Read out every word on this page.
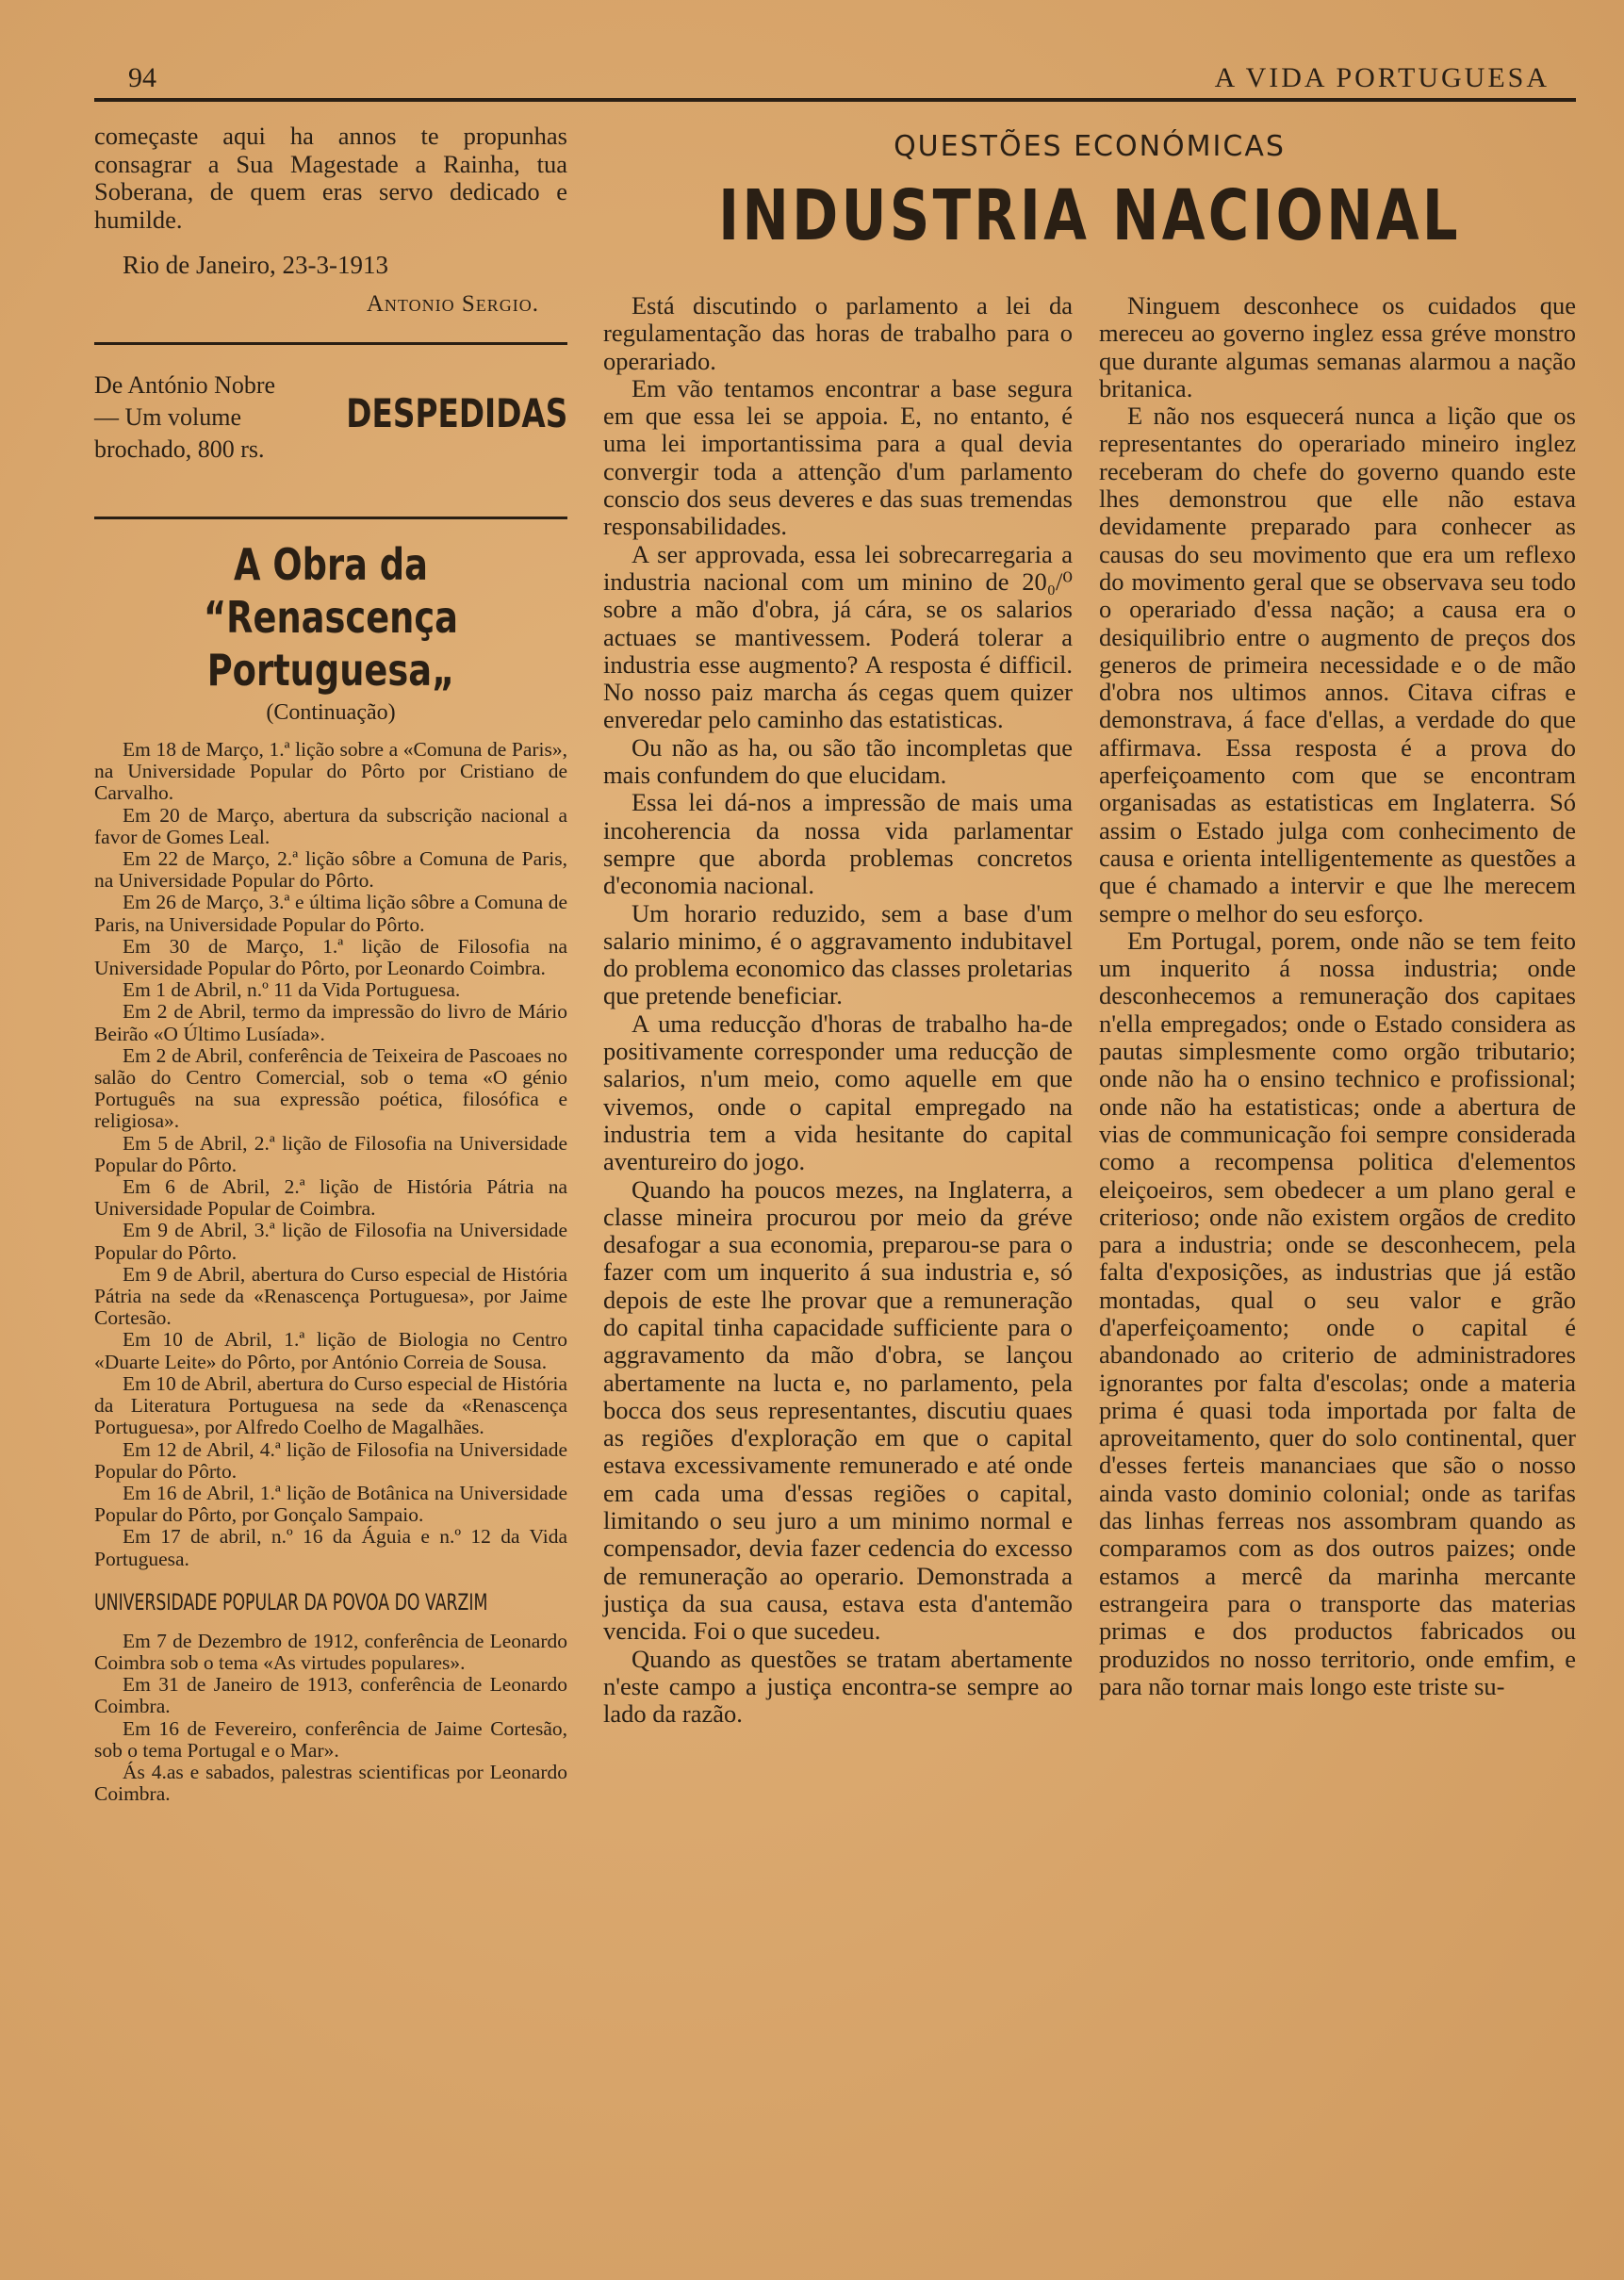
94	A VIDA PORTUGUESA

começaste aqui ha annos te propunhas consagrar a Sua Magestade a Rainha, tua Soberana, de quem eras servo dedicado e humilde.

Rio de Janeiro, 23-3-1913

Antonio Sergio.

De António Nobre — Um volume brochado, 800 rs.
DESPEDIDAS
A Obra da
“Renascença Portuguesa„
(Continuação)

Em 18 de Março, 1.ª lição sobre a «Comuna de Paris», na Universidade Popular do Pôrto por Cristiano de Carvalho.

Em 20 de Março, abertura da subscrição nacional a favor de Gomes Leal.

Em 22 de Março, 2.ª lição sôbre a Comuna de Paris, na Universidade Popular do Pôrto.

Em 26 de Março, 3.ª e última lição sôbre a Comuna de Paris, na Universidade Popular do Pôrto.

Em 30 de Março, 1.ª lição de Filosofia na Universidade Popular do Pôrto, por Leonardo Coimbra.

Em 1 de Abril, n.º 11 da Vida Portuguesa.

Em 2 de Abril, termo da impressão do livro de Mário Beirão «O Último Lusíada».

Em 2 de Abril, conferência de Teixeira de Pascoaes no salão do Centro Comercial, sob o tema «O génio Português na sua expressão poética, filosófica e religiosa».

Em 5 de Abril, 2.ª lição de Filosofia na Universidade Popular do Pôrto.

Em 6 de Abril, 2.ª lição de História Pátria na Universidade Popular de Coimbra.

Em 9 de Abril, 3.ª lição de Filosofia na Universidade Popular do Pôrto.

Em 9 de Abril, abertura do Curso especial de História Pátria na sede da «Renascença Portuguesa», por Jaime Cortesão.

Em 10 de Abril, 1.ª lição de Biologia no Centro «Duarte Leite» do Pôrto, por António Correia de Sousa.

Em 10 de Abril, abertura do Curso especial de História da Literatura Portuguesa na sede da «Renascença Portuguesa», por Alfredo Coelho de Magalhães.

Em 12 de Abril, 4.ª lição de Filosofia na Universidade Popular do Pôrto.

Em 16 de Abril, 1.ª lição de Botânica na Universidade Popular do Pôrto, por Gonçalo Sampaio.

Em 17 de abril, n.º 16 da Águia e n.º 12 da Vida Portuguesa.

UNIVERSIDADE POPULAR DA POVOA DO VARZIM

Em 7 de Dezembro de 1912, conferência de Leonardo Coimbra sob o tema «As virtudes populares».

Em 31 de Janeiro de 1913, conferência de Leonardo Coimbra.

Em 16 de Fevereiro, conferência de Jaime Cortesão, sob o tema Portugal e o Mar».

Ás 4.as e sabados, palestras scientificas por Leonardo Coimbra.

QUESTÕES ECONÓMICAS
INDUSTRIA NACIONAL

Está discutindo o parlamento a lei da regulamentação das horas de trabalho para o operariado.

Em vão tentamos encontrar a base segura em que essa lei se appoia. E, no entanto, é uma lei importantissima para a qual devia convergir toda a attenção d'um parlamento conscio dos seus deveres e das suas tremendas responsabilidades.

A ser approvada, essa lei sobrecarregaria a industria nacional com um minino de 20₀/⁰ sobre a mão d'obra, já cára, se os salarios actuaes se mantivessem. Poderá tolerar a industria esse augmento? A resposta é difficil. No nosso paiz marcha ás cegas quem quizer enveredar pelo caminho das estatisticas.

Ou não as ha, ou são tão incompletas que mais confundem do que elucidam.

Essa lei dá-nos a impressão de mais uma incoherencia da nossa vida parlamentar sempre que aborda problemas concretos d'economia nacional.

Um horario reduzido, sem a base d'um salario minimo, é o aggravamento indubitavel do problema economico das classes proletarias que pretende beneficiar.

A uma reducção d'horas de trabalho ha-de positivamente corresponder uma reducção de salarios, n'um meio, como aquelle em que vivemos, onde o capital empregado na industria tem a vida hesitante do capital aventureiro do jogo.

Quando ha poucos mezes, na Inglaterra, a classe mineira procurou por meio da gréve desafogar a sua economia, preparou-se para o fazer com um inquerito á sua industria e, só depois de este lhe provar que a remuneração do capital tinha capacidade sufficiente para o aggravamento da mão d'obra, se lançou abertamente na lucta e, no parlamento, pela bocca dos seus representantes, discutiu quaes as regiões d'exploração em que o capital estava excessivamente remunerado e até onde em cada uma d'essas regiões o capital, limitando o seu juro a um minimo normal e compensador, devia fazer cedencia do excesso de remuneração ao operario. Demonstrada a justiça da sua causa, estava esta d'antemão vencida. Foi o que sucedeu.

Quando as questões se tratam abertamente n'este campo a justiça encontra-se sempre ao lado da razão.

Ninguem desconhece os cuidados que mereceu ao governo inglez essa gréve monstro que durante algumas semanas alarmou a nação britanica.

E não nos esquecerá nunca a lição que os representantes do operariado mineiro inglez receberam do chefe do governo quando este lhes demonstrou que elle não estava devidamente preparado para conhecer as causas do seu movimento que era um reflexo do movimento geral que se observava seu todo o operariado d'essa nação; a causa era o desiquilibrio entre o augmento de preços dos generos de primeira necessidade e o de mão d'obra nos ultimos annos. Citava cifras e demonstrava, á face d'ellas, a verdade do que affirmava. Essa resposta é a prova do aperfeiçoamento com que se encontram organisadas as estatisticas em Inglaterra. Só assim o Estado julga com conhecimento de causa e orienta intelligentemente as questões a que é chamado a intervir e que lhe merecem sempre o melhor do seu esforço.

Em Portugal, porem, onde não se tem feito um inquerito á nossa industria; onde desconhecemos a remuneração dos capitaes n'ella empregados; onde o Estado considera as pautas simplesmente como orgão tributario; onde não ha o ensino technico e profissional; onde não ha estatisticas; onde a abertura de vias de communicação foi sempre considerada como a recompensa politica d'elementos eleiçoeiros, sem obedecer a um plano geral e criterioso; onde não existem orgãos de credito para a industria; onde se desconhecem, pela falta d'exposições, as industrias que já estão montadas, qual o seu valor e grão d'aperfeiçoamento; onde o capital é abandonado ao criterio de administradores ignorantes por falta d'escolas; onde a materia prima é quasi toda importada por falta de aproveitamento, quer do solo continental, quer d'esses ferteis mananciaes que são o nosso ainda vasto dominio colonial; onde as tarifas das linhas ferreas nos assombram quando as comparamos com as dos outros paizes; onde estamos a mercê da marinha mercante estrangeira para o transporte das materias primas e dos productos fabricados ou produzidos no nosso territorio, onde emfim, e para não tornar mais longo este triste su-
